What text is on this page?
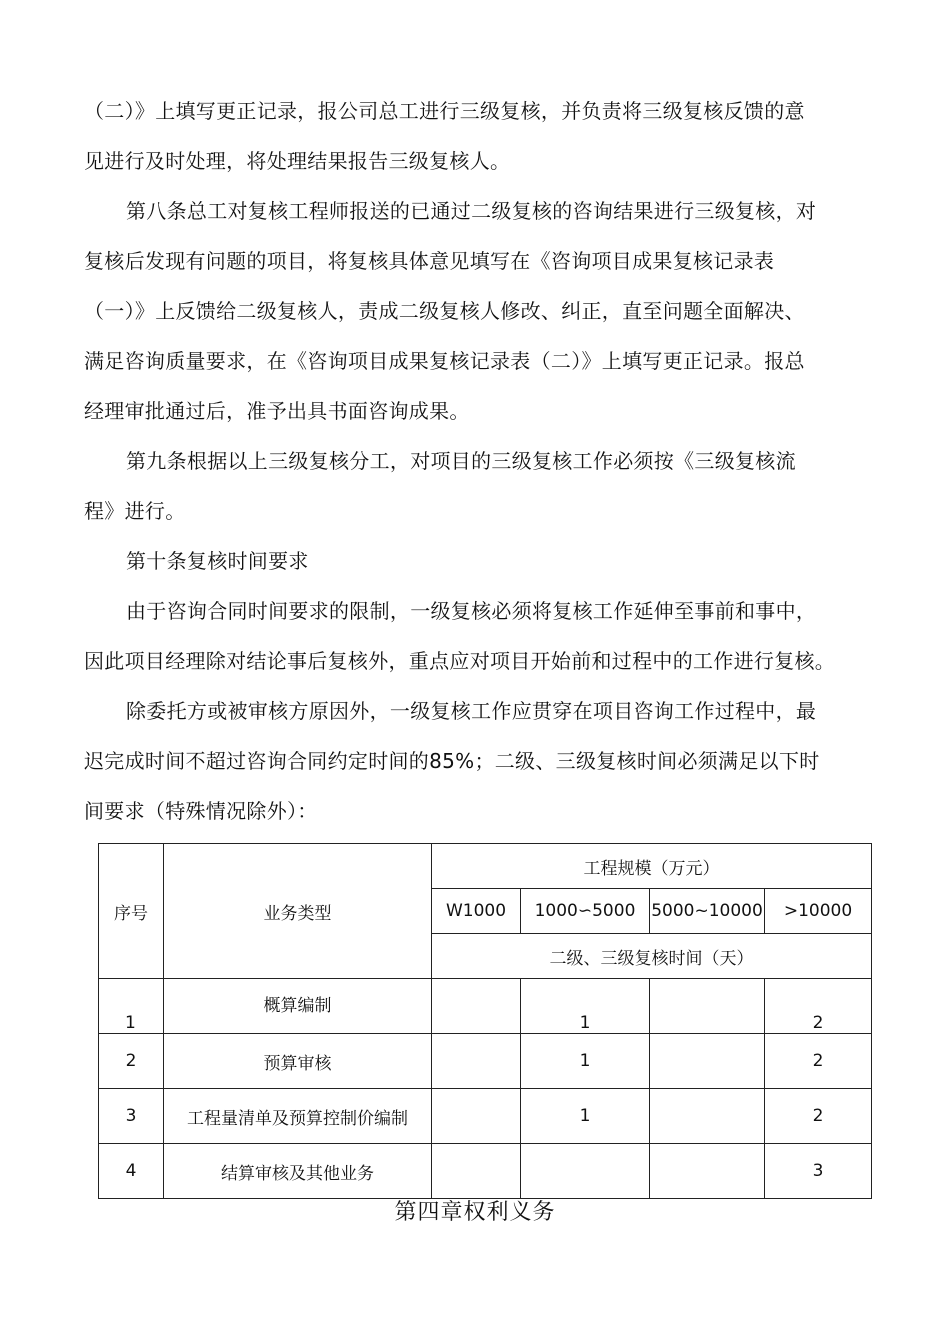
（二）》上填写更正记录，报公司总工进行三级复核，并负责将三级复核反馈的意
见进行及时处理，将处理结果报告三级复核人。
第八条总工对复核工程师报送的已通过二级复核的咨询结果进行三级复核，对
复核后发现有问题的项目，将复核具体意见填写在《咨询项目成果复核记录表
（一）》上反馈给二级复核人，责成二级复核人修改、纠正，直至问题全面解决、
满足咨询质量要求，在《咨询项目成果复核记录表（二）》上填写更正记录。报总
经理审批通过后，准予出具书面咨询成果。
第九条根据以上三级复核分工，对项目的三级复核工作必须按《三级复核流
程》进行。
第十条复核时间要求
由于咨询合同时间要求的限制，一级复核必须将复核工作延伸至事前和事中，
因此项目经理除对结论事后复核外，重点应对项目开始前和过程中的工作进行复核。
除委托方或被审核方原因外，一级复核工作应贯穿在项目咨询工作过程中，最
迟完成时间不超过咨询合同约定时间的85%；二级、三级复核时间必须满足以下时
间要求（特殊情况除外）：
序号	业务类型	工程规模（万元）			
		W1000	1000∽5000	5000~10000	>10000
		二级、三级复核时间（天）			

1	概算编制		1		2

2	预算审核		1		2
3	工程量清单及预算控制价编制		1		2
4	结算审核及其他业务				3
第四章权利义务
